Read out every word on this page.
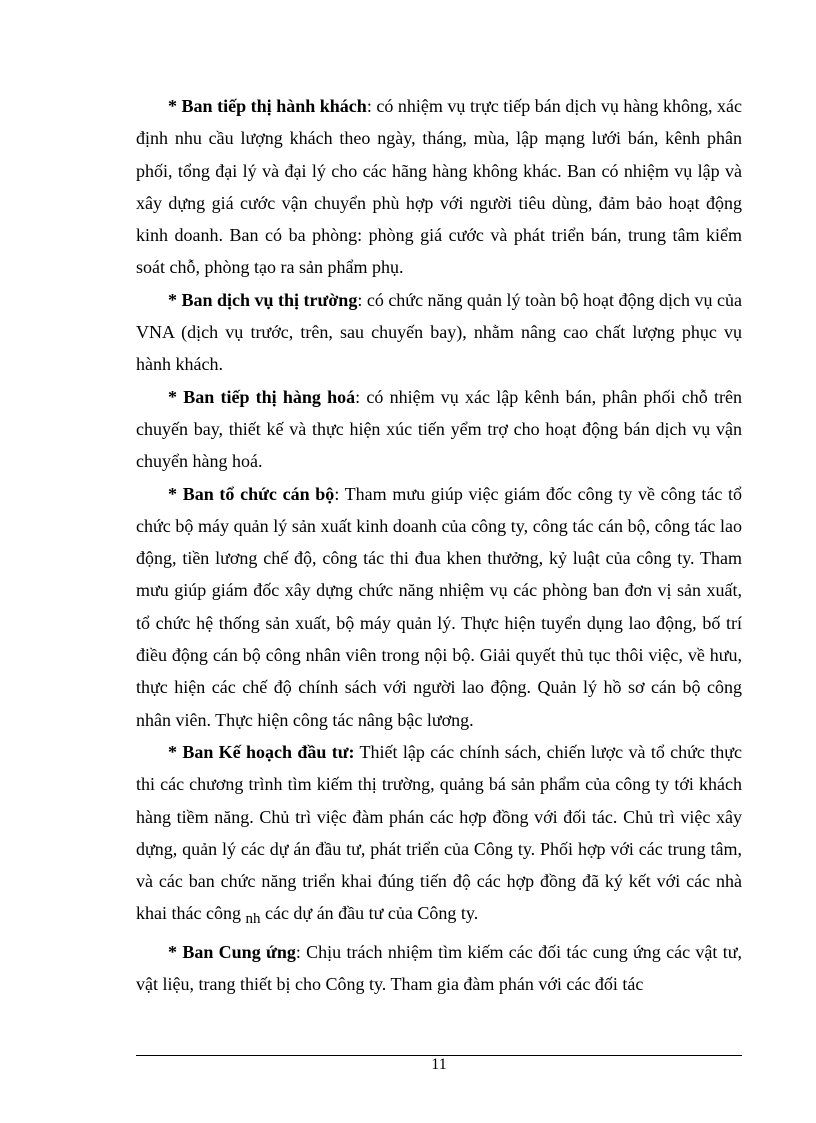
* Ban tiếp thị hành khách: có nhiệm vụ trực tiếp bán dịch vụ hàng không, xác định nhu cầu lượng khách theo ngày, tháng, mùa, lập mạng lưới bán, kênh phân phối, tổng đại lý và đại lý cho các hãng hàng không khác. Ban có nhiệm vụ lập và xây dựng giá cước vận chuyển phù hợp với người tiêu dùng, đảm bảo hoạt động kinh doanh. Ban có ba phòng: phòng giá cước và phát triển bán, trung tâm kiểm soát chỗ, phòng tạo ra sản phẩm phụ.

* Ban dịch vụ thị trường: có chức năng quản lý toàn bộ hoạt động dịch vụ của VNA (dịch vụ trước, trên, sau chuyến bay), nhằm nâng cao chất lượng phục vụ hành khách.

* Ban tiếp thị hàng hoá: có nhiệm vụ xác lập kênh bán, phân phối chỗ trên chuyến bay, thiết kế và thực hiện xúc tiến yểm trợ cho hoạt động bán dịch vụ vận chuyển hàng hoá.

* Ban tổ chức cán bộ: Tham mưu giúp việc giám đốc công ty về công tác tổ chức bộ máy quản lý sản xuất kinh doanh của công ty, công tác cán bộ, công tác lao động, tiền lương chế độ, công tác thi đua khen thưởng, kỷ luật của công ty. Tham mưu giúp giám đốc xây dựng chức năng nhiệm vụ các phòng ban đơn vị sản xuất, tổ chức hệ thống sản xuất, bộ máy quản lý. Thực hiện tuyển dụng lao động, bố trí điều động cán bộ công nhân viên trong nội bộ. Giải quyết thủ tục thôi việc, về hưu, thực hiện các chế độ chính sách với người lao động. Quản lý hồ sơ cán bộ công nhân viên. Thực hiện công tác nâng bậc lương.

* Ban Kế hoạch đầu tư: Thiết lập các chính sách, chiến lược và tổ chức thực thi các chương trình tìm kiếm thị trường, quảng bá sản phẩm của công ty tới khách hàng tiềm năng. Chủ trì việc đàm phán các hợp đồng với đối tác. Chủ trì việc xây dựng, quản lý các dự án đầu tư, phát triển của Công ty. Phối hợp với các trung tâm, và các ban chức năng triển khai đúng tiến độ các hợp đồng đã ký kết với các nhà khai thác công $_{nh}$ các dự án đầu tư của Công ty.

* Ban Cung ứng: Chịu trách nhiệm tìm kiếm các đối tác cung ứng các vật tư, vật liệu, trang thiết bị cho Công ty. Tham gia đàm phán với các đối tác

11
